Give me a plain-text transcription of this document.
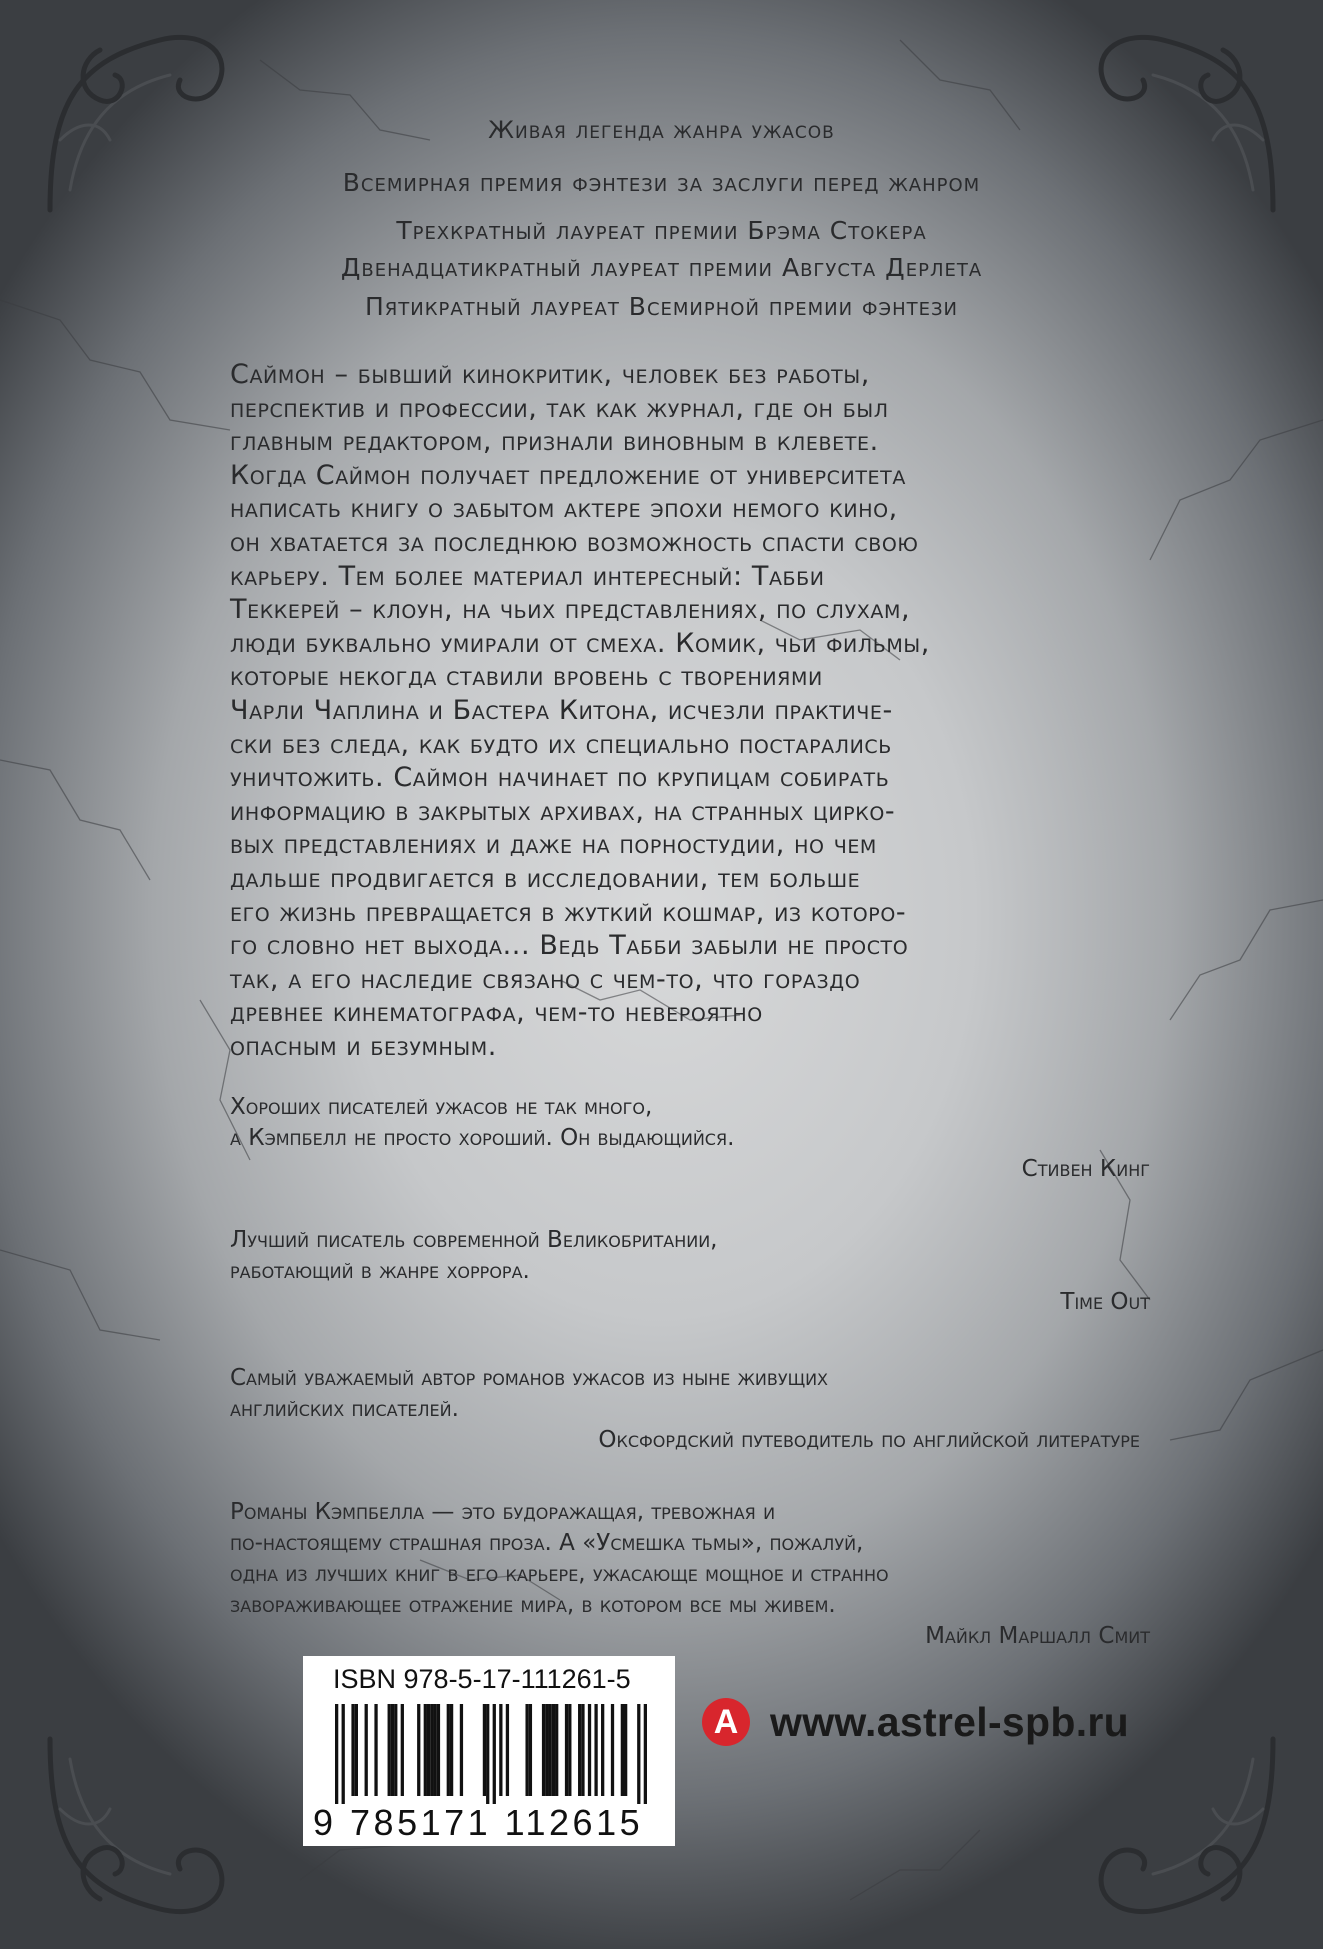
Живая легенда жанра ужасов
Всемирная премия фэнтези за заслуги перед жанром
Трехкратный лауреат премии Брэма Стокера
Двенадцатикратный лауреат премии Августа Дерлета
Пятикратный лауреат Всемирной премии фэнтези
Саймон – бывший кинокритик, человек без работы,
перспектив и профессии, так как журнал, где он был
главным редактором, признали виновным в клевете.
Когда Саймон получает предложение от университета
написать книгу о забытом актере эпохи немого кино,
он хватается за последнюю возможность спасти свою
карьеру. Тем более материал интересный: Табби
Теккерей – клоун, на чьих представлениях, по слухам,
люди буквально умирали от смеха. Комик, чьи фильмы,
которые некогда ставили вровень с творениями
Чарли Чаплина и Бастера Китона, исчезли практиче-
ски без следа, как будто их специально постарались
уничтожить. Саймон начинает по крупицам собирать
информацию в закрытых архивах, на странных цирко-
вых представлениях и даже на порностудии, но чем
дальше продвигается в исследовании, тем больше
его жизнь превращается в жуткий кошмар, из которо-
го словно нет выхода... Ведь Табби забыли не просто
так, а его наследие связано с чем-то, что гораздо
древнее кинематографа, чем-то невероятно
опасным и безумным.
Хороших писателей ужасов не так много,
а Кэмпбелл не просто хороший. Он выдающийся.
Стивен Кинг
Лучший писатель современной Великобритании,
работающий в жанре хоррора.
Time Out
Самый уважаемый автор романов ужасов из ныне живущих
английских писателей.
Оксфордский путеводитель по английской литературе
Романы Кэмпбелла — это будоражащая, тревожная и
по-настоящему страшная проза. А «Усмешка тьмы», пожалуй,
одна из лучших книг в его карьере, ужасающе мощное и странно
завораживающее отражение мира, в котором все мы живем.
Майкл Маршалл Смит
ISBN 978-5-17-111261-5
9 785171 112615
А www.astrel-spb.ru
